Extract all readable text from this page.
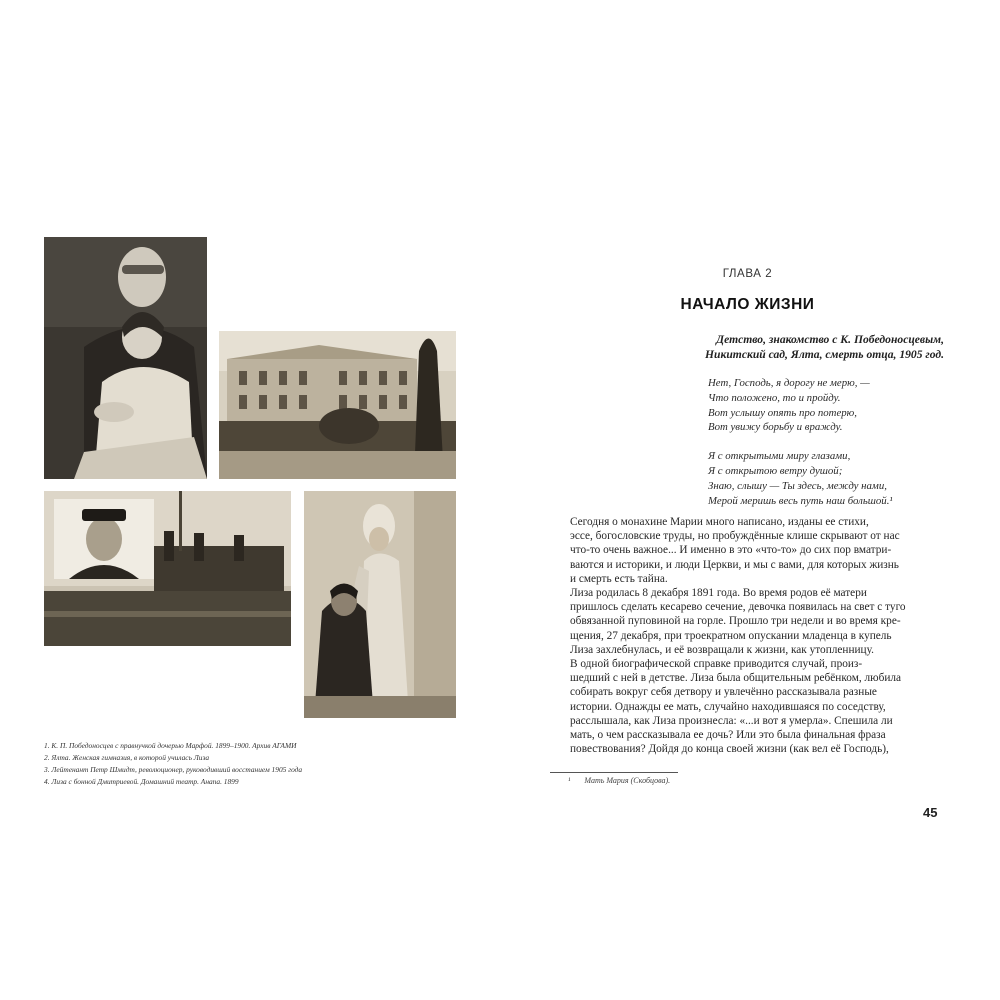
1. К. П. Победоносцев с правнучкой дочерью Марфой. 1899–1900. Архив АГАМИ
2. Ялта. Женская гимназия, в которой училась Лиза
3. Лейтенант Петр Шмидт, революционер, руководивший восстанием 1905 года
4. Лиза с бонной Дмитриевой. Домашний театр. Анапа. 1899
ГЛАВА 2
НАЧАЛО ЖИЗНИ
Детство, знакомство с К. Победоносцевым,
Никитский сад, Ялта, смерть отца, 1905 год.
Нет, Господь, я дорогу не мерю, —
Что положено, то и пройду.
Вот услышу опять про потерю,
Вот увижу борьбу и вражду.
Я с открытыми миру глазами,
Я с открытою ветру душой;
Знаю, слышу — Ты здесь, между нами,
Мерой меришь весь путь наш большой.¹

Сегодня о монахине Марии много написано, изданы ее стихи,
эссе, богословские труды, но пробуждённые клише скрывают от нас
что-то очень важное... И именно в это «что-то» до сих пор вматри-
ваются и историки, и люди Церкви, и мы с вами, для которых жизнь
и смерть есть тайна.

Лиза родилась 8 декабря 1891 года. Во время родов её матери
пришлось сделать кесарево сечение, девочка появилась на свет с туго
обвязанной пуповиной на горле. Прошло три недели и во время кре-
щения, 27 декабря, при троекратном опускании младенца в купель
Лиза захлебнулась, и её возвращали к жизни, как утопленницу.

В одной биографической справке приводится случай, произ-
шедший с ней в детстве. Лиза была общительным ребёнком, любила
собирать вокруг себя детвору и увлечённо рассказывала разные
истории. Однажды ее мать, случайно находившаяся по соседству,
расслышала, как Лиза произнесла: «...и вот я умерла». Спешила ли
мать, о чем рассказывала ее дочь? Или это была финальная фраза
повествования? Дойдя до конца своей жизни (как вел её Господь),

¹ Мать Мария (Скобцова).
45
